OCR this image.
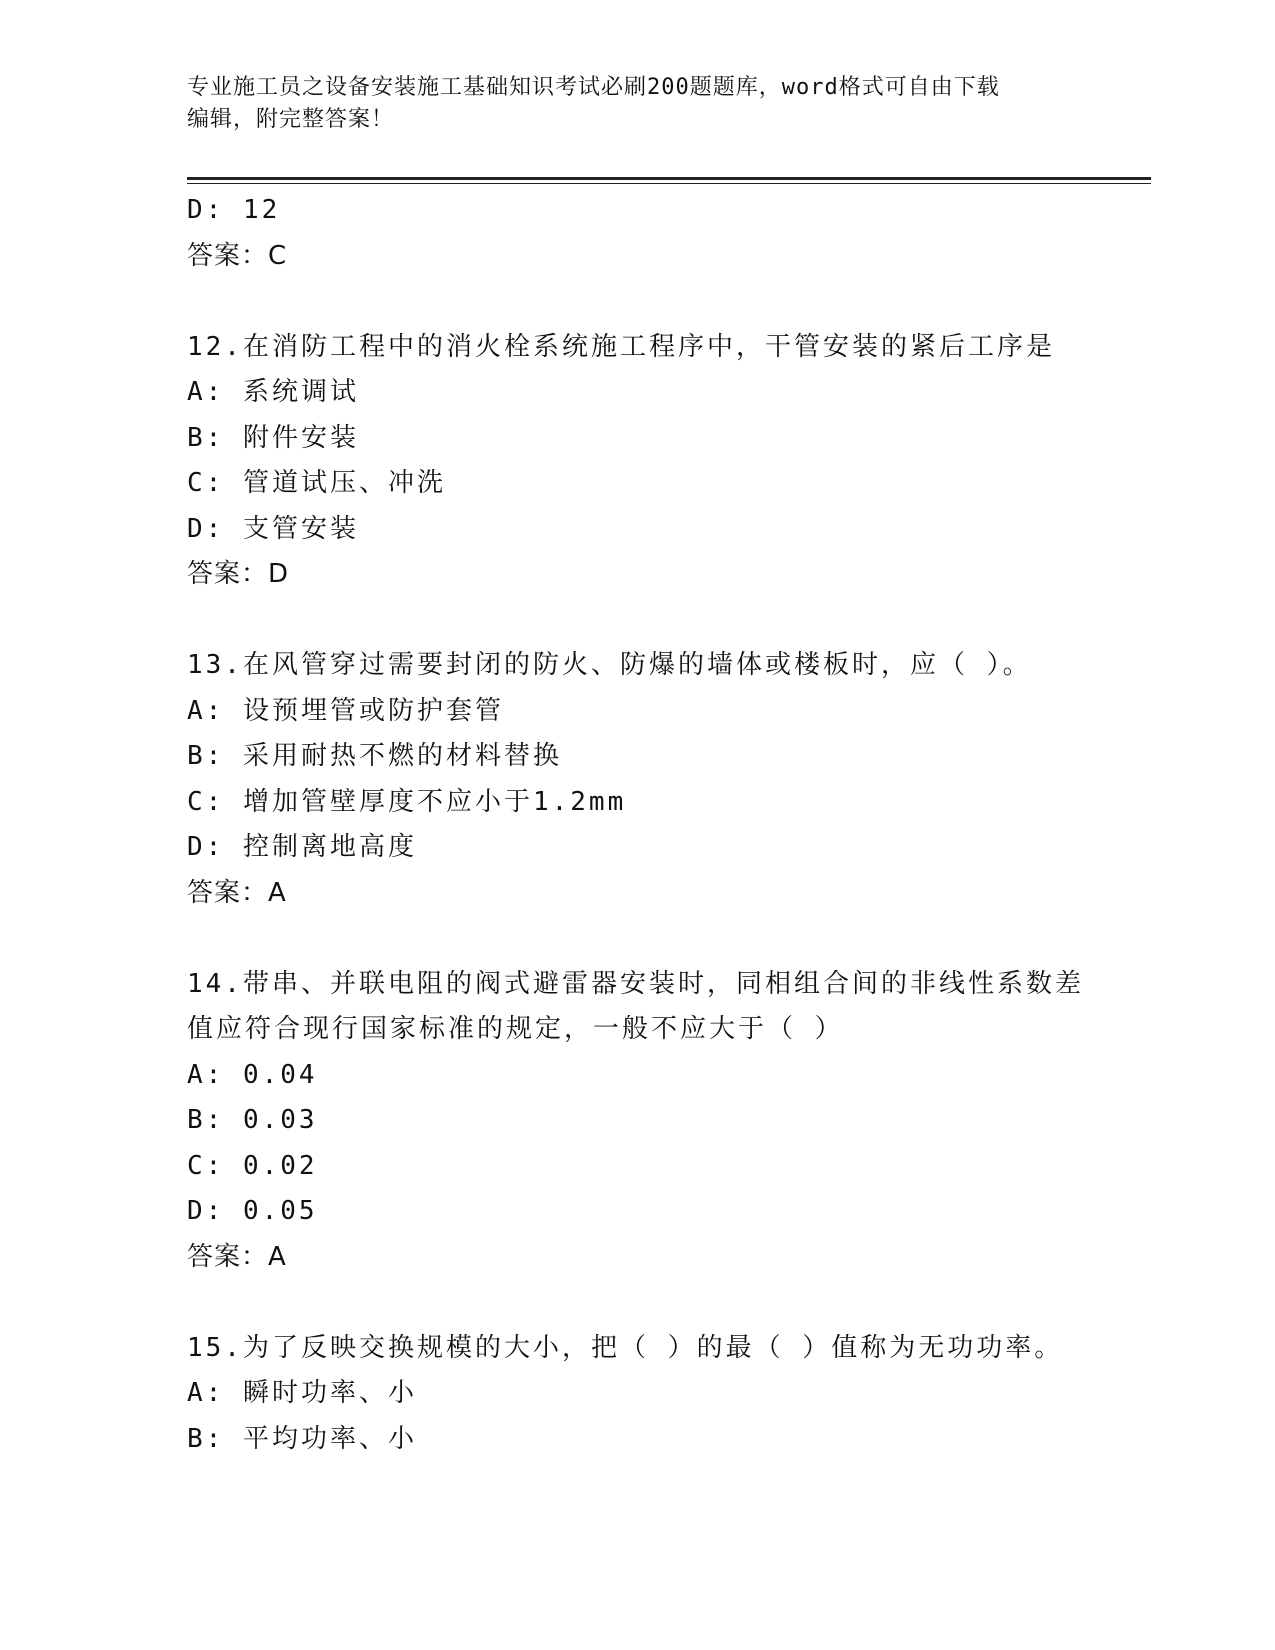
专业施工员之设备安装施工基础知识考试必刷200题题库，word格式可自由下载
编辑，附完整答案！
D: 12
答案：C
12.在消防工程中的消火栓系统施工程序中，干管安装的紧后工序是
A: 系统调试
B: 附件安装
C: 管道试压、冲洗
D: 支管安装
答案：D
13.在风管穿过需要封闭的防火、防爆的墙体或楼板时，应（ ）。
A: 设预埋管或防护套管
B: 采用耐热不燃的材料替换
C: 增加管壁厚度不应小于1.2mm
D: 控制离地高度
答案：A
14.带串、并联电阻的阀式避雷器安装时，同相组合间的非线性系数差
值应符合现行国家标准的规定，一般不应大于（ ）
A: 0.04
B: 0.03
C: 0.02
D: 0.05
答案：A
15.为了反映交换规模的大小，把（ ）的最（ ）值称为无功功率。
A: 瞬时功率、小
B: 平均功率、小
